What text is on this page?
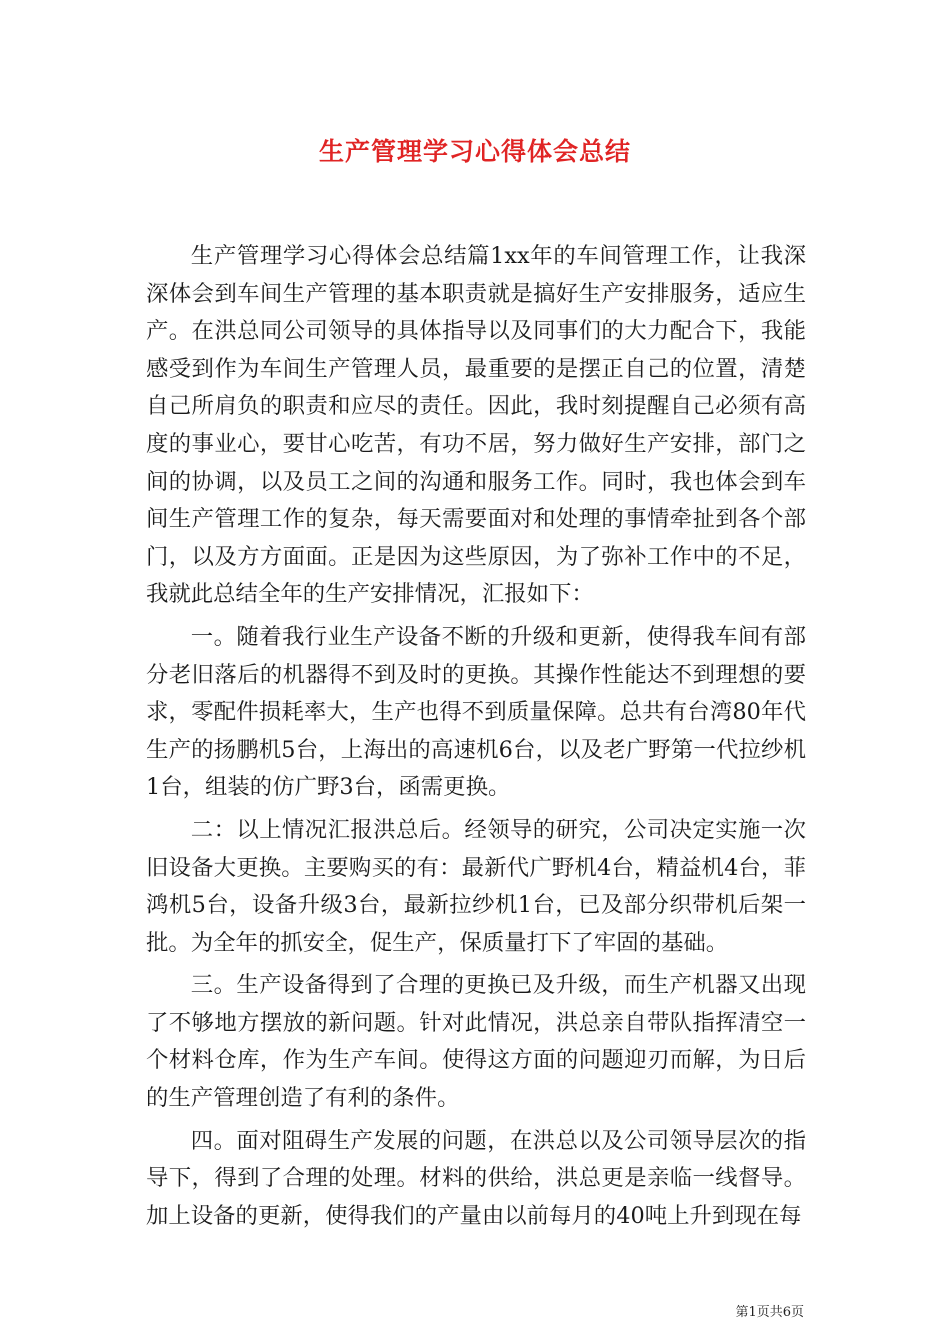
生产管理学习心得体会总结

生产管理学习心得体会总结篇1xx年的车间管理工作，让我深深体会到车间生产管理的基本职责就是搞好生产安排服务，适应生产。在洪总同公司领导的具体指导以及同事们的大力配合下，我能感受到作为车间生产管理人员，最重要的是摆正自己的位置，清楚自己所肩负的职责和应尽的责任。因此，我时刻提醒自己必须有高度的事业心，要甘心吃苦，有功不居，努力做好生产安排，部门之间的协调，以及员工之间的沟通和服务工作。同时，我也体会到车间生产管理工作的复杂，每天需要面对和处理的事情牵扯到各个部门，以及方方面面。正是因为这些原因，为了弥补工作中的不足，我就此总结全年的生产安排情况，汇报如下：

一。随着我行业生产设备不断的升级和更新，使得我车间有部分老旧落后的机器得不到及时的更换。其操作性能达不到理想的要求，零配件损耗率大，生产也得不到质量保障。总共有台湾80年代生产的扬鹏机5台，上海出的高速机6台，以及老广野第一代拉纱机1台，组装的仿广野3台，函需更换。

二：以上情况汇报洪总后。经领导的研究，公司决定实施一次旧设备大更换。主要购买的有：最新代广野机4台，精益机4台，菲鸿机5台，设备升级3台，最新拉纱机1台，已及部分织带机后架一批。为全年的抓安全，促生产，保质量打下了牢固的基础。

三。生产设备得到了合理的更换已及升级，而生产机器又出现了不够地方摆放的新问题。针对此情况，洪总亲自带队指挥清空一个材料仓库，作为生产车间。使得这方面的问题迎刃而解，为日后的生产管理创造了有利的条件。

四。面对阻碍生产发展的问题，在洪总以及公司领导层次的指导下，得到了合理的处理。材料的供给，洪总更是亲临一线督导。加上设备的更新，使得我们的产量由以前每月的40吨上升到现在每

第1页共6页
